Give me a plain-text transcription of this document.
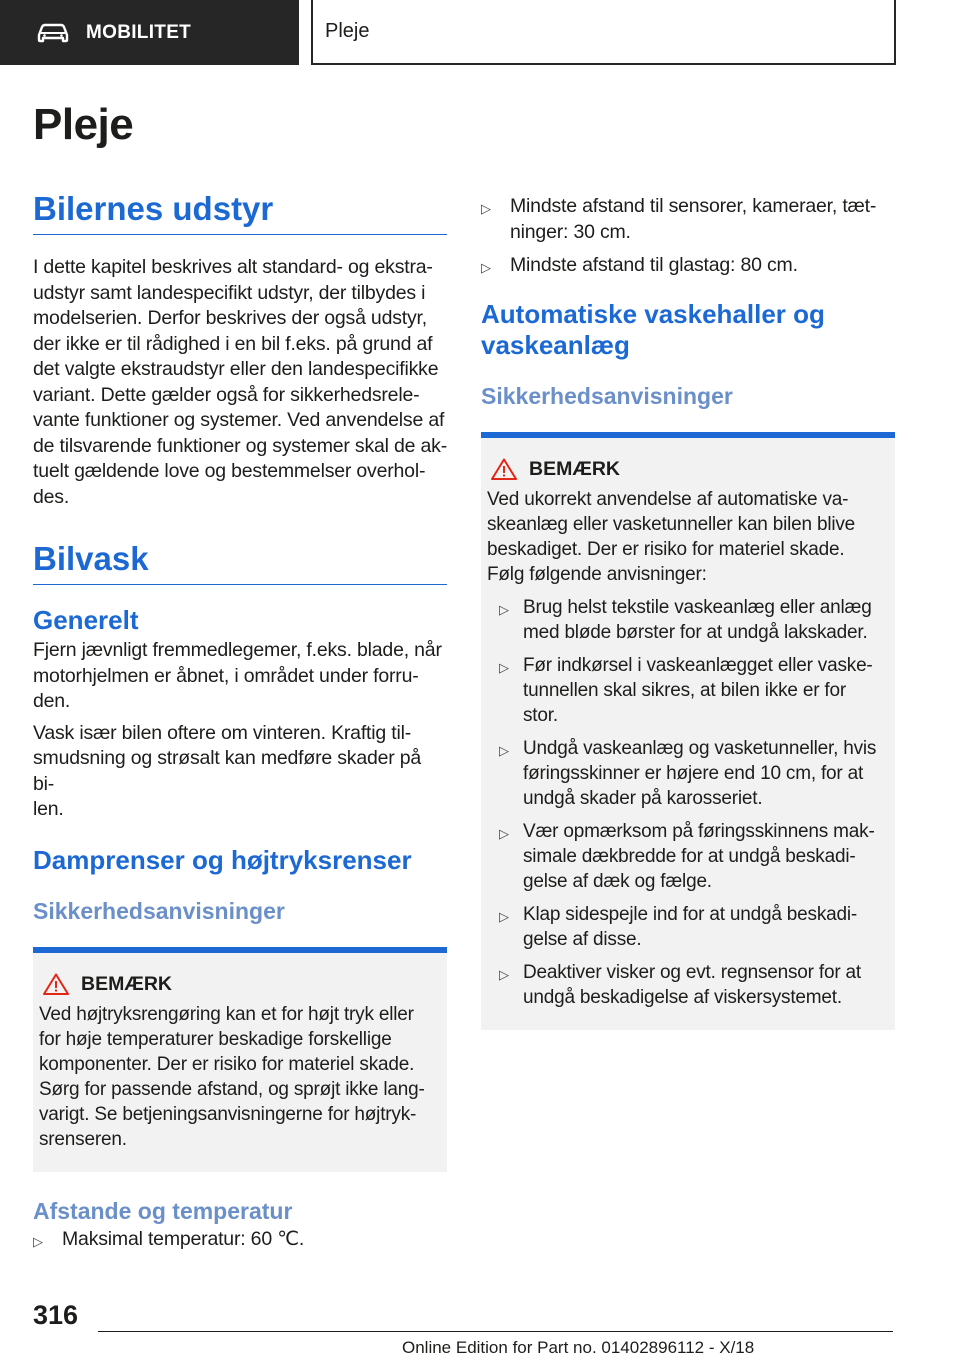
MOBILITET	Pleje
Pleje
Bilernes udstyr
I dette kapitel beskrives alt standard- og ekstra-
udstyr samt landespecifikt udstyr, der tilbydes i
modelserien. Derfor beskrives der også udstyr,
der ikke er til rådighed i en bil f.eks. på grund af
det valgte ekstraudstyr eller den landespecifikke
variant. Dette gælder også for sikkerhedsrele-
vante funktioner og systemer. Ved anvendelse af
de tilsvarende funktioner og systemer skal de ak-
tuelt gældende love og bestemmelser overhol-
des.
Bilvask
Generelt
Fjern jævnligt fremmedlegemer, f.eks. blade, når
motorhjelmen er åbnet, i området under forru-
den.
Vask især bilen oftere om vinteren. Kraftig til-
smudsning og strøsalt kan medføre skader på bi-
len.
Damprenser og højtryksrenser
Sikkerhedsanvisninger
BEMÆRK
Ved højtryksrengøring kan et for højt tryk eller
for høje temperaturer beskadige forskellige
komponenter. Der er risiko for materiel skade.
Sørg for passende afstand, og sprøjt ikke lang-
varigt. Se betjeningsanvisningerne for højtryk-
srenseren.
Afstande og temperatur
▷ Maksimal temperatur: 60 ℃.
▷ Mindste afstand til sensorer, kameraer, tæt-
ninger: 30 cm.
▷ Mindste afstand til glastag: 80 cm.
Automatiske vaskehaller og
vaskeanlæg
Sikkerhedsanvisninger
BEMÆRK
Ved ukorrekt anvendelse af automatiske va-
skeanlæg eller vasketunneller kan bilen blive
beskadiget. Der er risiko for materiel skade.
Følg følgende anvisninger:
▷ Brug helst tekstile vaskeanlæg eller anlæg
med bløde børster for at undgå lakskader.
▷ Før indkørsel i vaskeanlægget eller vaske-
tunnellen skal sikres, at bilen ikke er for
stor.
▷ Undgå vaskeanlæg og vasketunneller, hvis
føringsskinner er højere end 10 cm, for at
undgå skader på karosseriet.
▷ Vær opmærksom på føringsskinnens mak-
simale dækbredde for at undgå beskadi-
gelse af dæk og fælge.
▷ Klap sidespejle ind for at undgå beskadi-
gelse af disse.
▷ Deaktiver visker og evt. regnsensor for at
undgå beskadigelse af viskersystemet.
316
Online Edition for Part no. 01402896112 - X/18
